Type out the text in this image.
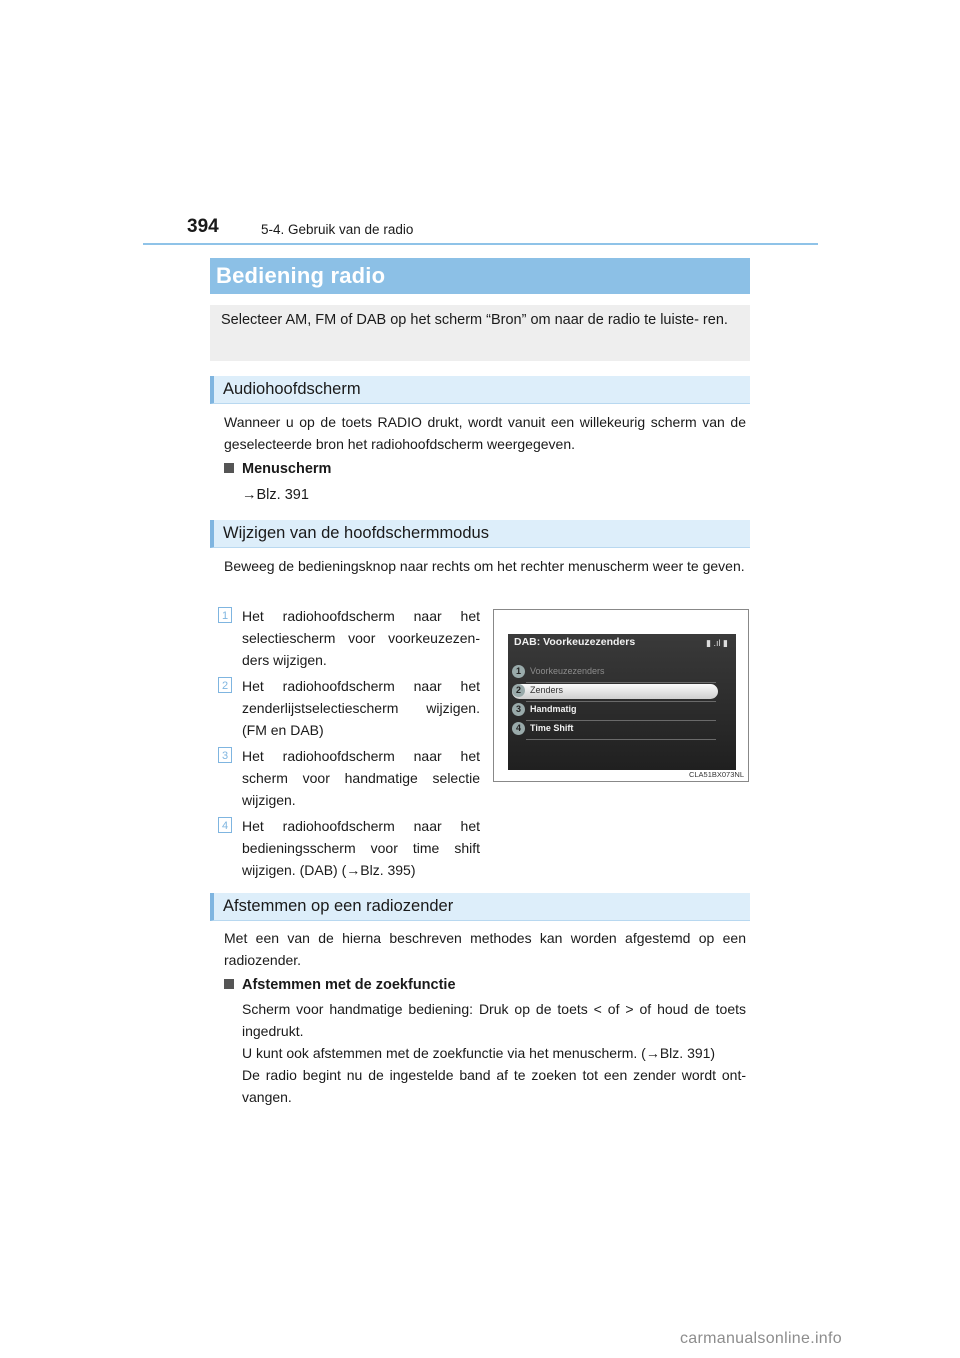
394	5-4. Gebruik van de radio
Bediening radio

Selecteer AM, FM of DAB op het scherm “Bron” om naar de radio te luiste- ren.

Audiohoofdscherm

Wanneer u op de toets RADIO drukt, wordt vanuit een willekeurig scherm van de geselecteerde bron het radiohoofdscherm weergegeven.

Menuscherm
→Blz. 391
Wijzigen van de hoofdschermmodus

Beweeg de bedieningsknop naar rechts om het rechter menuscherm weer te geven.

1 Het radiohoofdscherm naar het selectiescherm voor voorkeuzezen- ders wijzigen.

2 Het radiohoofdscherm naar het zenderlijstselectiescherm wijzigen. (FM en DAB)

3 Het radiohoofdscherm naar het scherm voor handmatige selectie wijzigen.

4 Het radiohoofdscherm naar het bedieningsscherm voor time shift wijzigen. (DAB) (→Blz. 395)

DAB: Voorkeuzezenders	▮ .ıl ▮
1	Voorkeuzezenders
2	Zenders
3	Handmatig
4	Time Shift
CLA51BX073NL
Afstemmen op een radiozender

Met een van de hierna beschreven methodes kan worden afgestemd op een radiozender.

Afstemmen met de zoekfunctie

Scherm voor handmatige bediening: Druk op de toets < of > of houd de toets ingedrukt.

U kunt ook afstemmen met de zoekfunctie via het menuscherm. (→Blz. 391)

De radio begint nu de ingestelde band af te zoeken tot een zender wordt ont- vangen.

carmanualsonline.info
